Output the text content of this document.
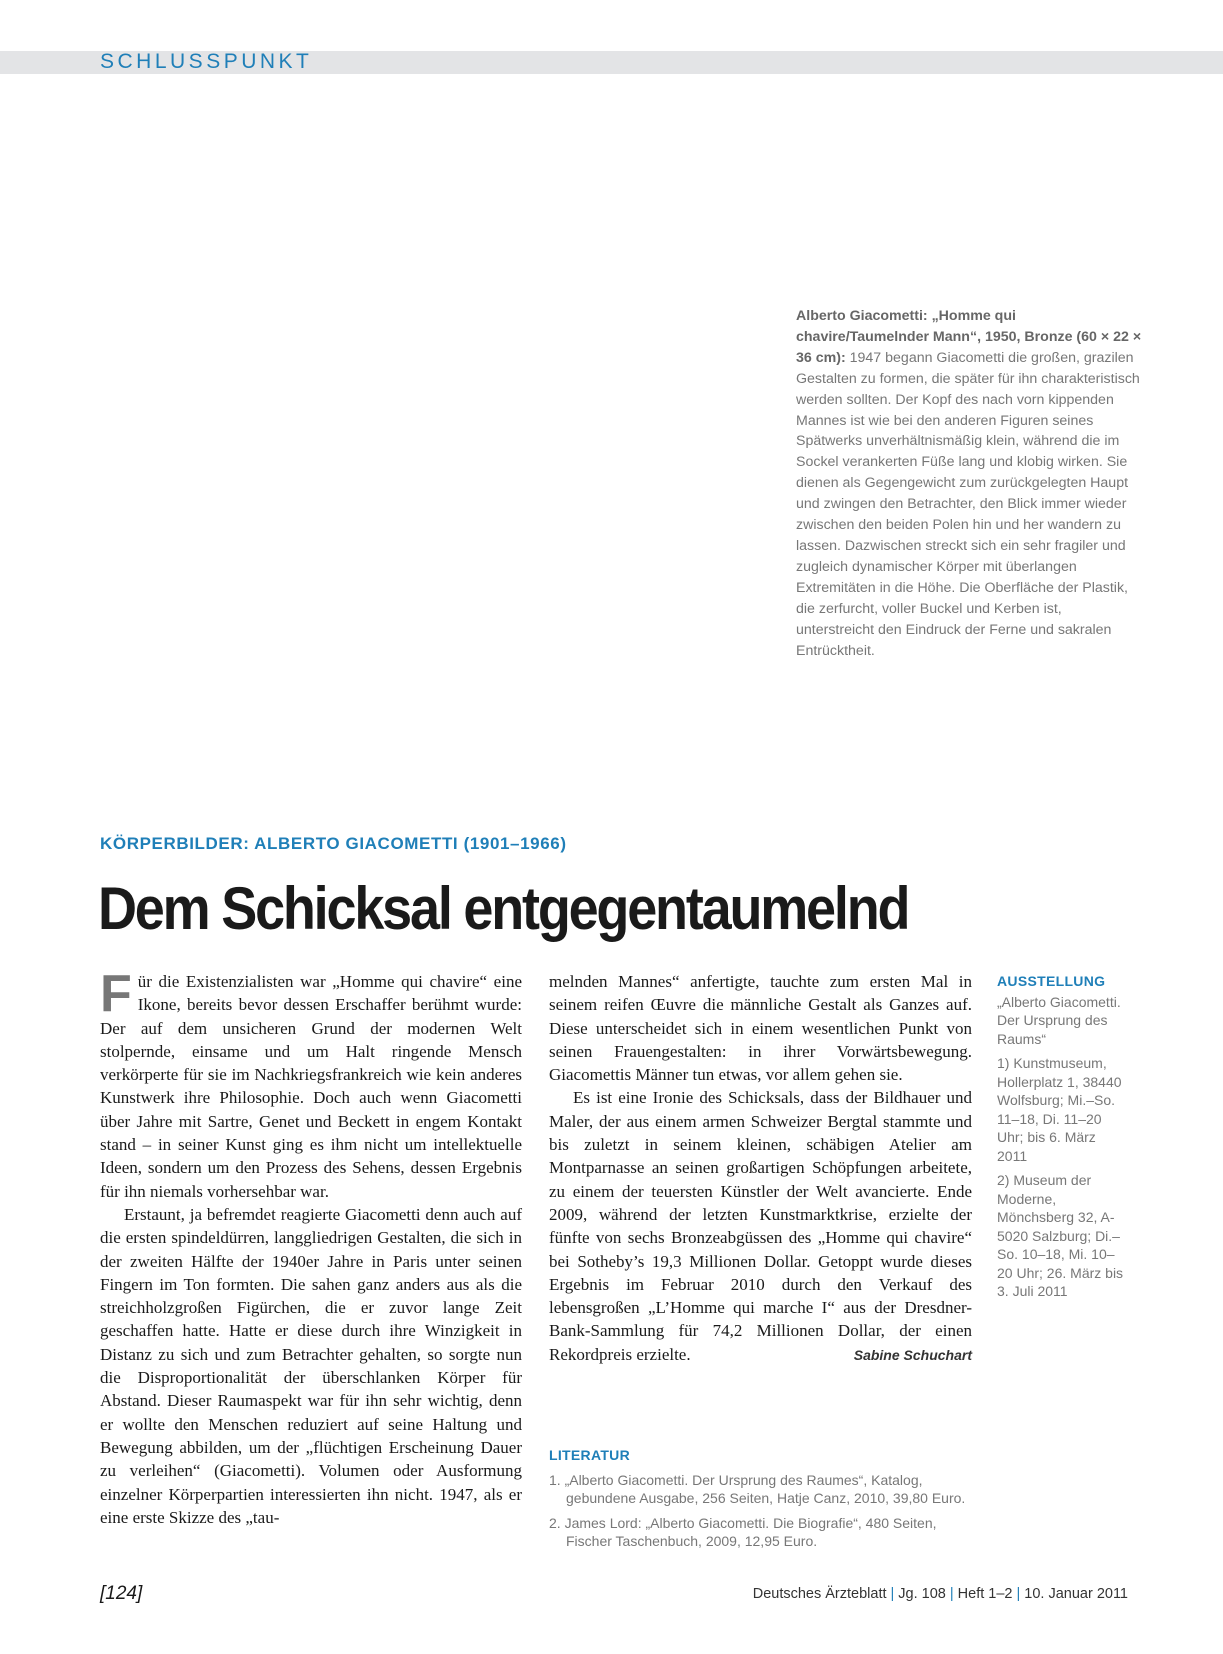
SCHLUSSPUNKT
Alberto Giacometti: „Homme qui chavire/Taumelnder Mann“, 1950, Bronze (60 × 22 × 36 cm): 1947 begann Giacometti die großen, grazilen Gestalten zu formen, die später für ihn charakteristisch werden sollten. Der Kopf des nach vorn kippenden Mannes ist wie bei den anderen Figuren seines Spätwerks unverhältnismäßig klein, während die im Sockel verankerten Füße lang und klobig wirken. Sie dienen als Gegengewicht zum zurückgelegten Haupt und zwingen den Betrachter, den Blick immer wieder zwischen den beiden Polen hin und her wandern zu lassen. Dazwischen streckt sich ein sehr fragiler und zugleich dynamischer Körper mit überlangen Extremitäten in die Höhe. Die Oberfläche der Plastik, die zerfurcht, voller Buckel und Kerben ist, unterstreicht den Eindruck der Ferne und sakralen Entrücktheit.
KÖRPERBILDER: ALBERTO GIACOMETTI (1901–1966)
Dem Schicksal entgegentaumelnd

Für die Existenzialisten war „Homme qui chavire“ eine Ikone, bereits bevor dessen Erschaffer berühmt wurde: Der auf dem unsicheren Grund der modernen Welt stolpernde, einsame und um Halt ringende Mensch verkörperte für sie im Nachkriegsfrankreich wie kein anderes Kunstwerk ihre Philosophie. Doch auch wenn Giacometti über Jahre mit Sartre, Genet und Beckett in engem Kontakt stand – in seiner Kunst ging es ihm nicht um intellektuelle Ideen, sondern um den Prozess des Sehens, dessen Ergebnis für ihn niemals vorhersehbar war.

Erstaunt, ja befremdet reagierte Giacometti denn auch auf die ersten spindeldürren, langgliedrigen Gestalten, die sich in der zweiten Hälfte der 1940er Jahre in Paris unter seinen Fingern im Ton formten. Die sahen ganz anders aus als die streichholzgroßen Figürchen, die er zuvor lange Zeit geschaffen hatte. Hatte er diese durch ihre Winzigkeit in Distanz zu sich und zum Betrachter gehalten, so sorgte nun die Disproportionalität der überschlanken Körper für Abstand. Dieser Raumaspekt war für ihn sehr wichtig, denn er wollte den Menschen reduziert auf seine Haltung und Bewegung abbilden, um der „flüchtigen Erscheinung Dauer zu verleihen“ (Giacometti). Volumen oder Ausformung einzelner Körperpartien interessierten ihn nicht. 1947, als er eine erste Skizze des „tau-

melnden Mannes“ anfertigte, tauchte zum ersten Mal in seinem reifen Œuvre die männliche Gestalt als Ganzes auf. Diese unterscheidet sich in einem wesentlichen Punkt von seinen Frauengestalten: in ihrer Vorwärtsbewegung. Giacomettis Männer tun etwas, vor allem gehen sie.

Es ist eine Ironie des Schicksals, dass der Bildhauer und Maler, der aus einem armen Schweizer Bergtal stammte und bis zuletzt in seinem kleinen, schäbigen Atelier am Montparnasse an seinen großartigen Schöpfungen arbeitete, zu einem der teuersten Künstler der Welt avancierte. Ende 2009, während der letzten Kunstmarktkrise, erzielte der fünfte von sechs Bronzeabgüssen des „Homme qui chavire“ bei Sotheby’s 19,3 Millionen Dollar. Getoppt wurde dieses Ergebnis im Februar 2010 durch den Verkauf des lebensgroßen „L’Homme qui marche I“ aus der Dresdner-Bank-Sammlung für 74,2 Millionen Dollar, der einen Rekordpreis erzielte.	Sabine Schuchart
AUSSTELLUNG
„Alberto Giacometti. Der Ursprung des Raums“
1) Kunstmuseum, Hollerplatz 1, 38440 Wolfsburg; Mi.–So. 11–18, Di. 11–20 Uhr; bis 6. März 2011
2) Museum der Moderne, Mönchsberg 32, A-5020 Salzburg; Di.–So. 10–18, Mi. 10–20 Uhr; 26. März bis 3. Juli 2011
LITERATUR
1. „Alberto Giacometti. Der Ursprung des Raumes“, Katalog, gebundene Ausgabe, 256 Seiten, Hatje Canz, 2010, 39,80 Euro.
2. James Lord: „Alberto Giacometti. Die Biografie“, 480 Seiten, Fischer Taschenbuch, 2009, 12,95 Euro.
[124]	Deutsches Ärzteblatt | Jg. 108 | Heft 1–2 | 10. Januar 2011
